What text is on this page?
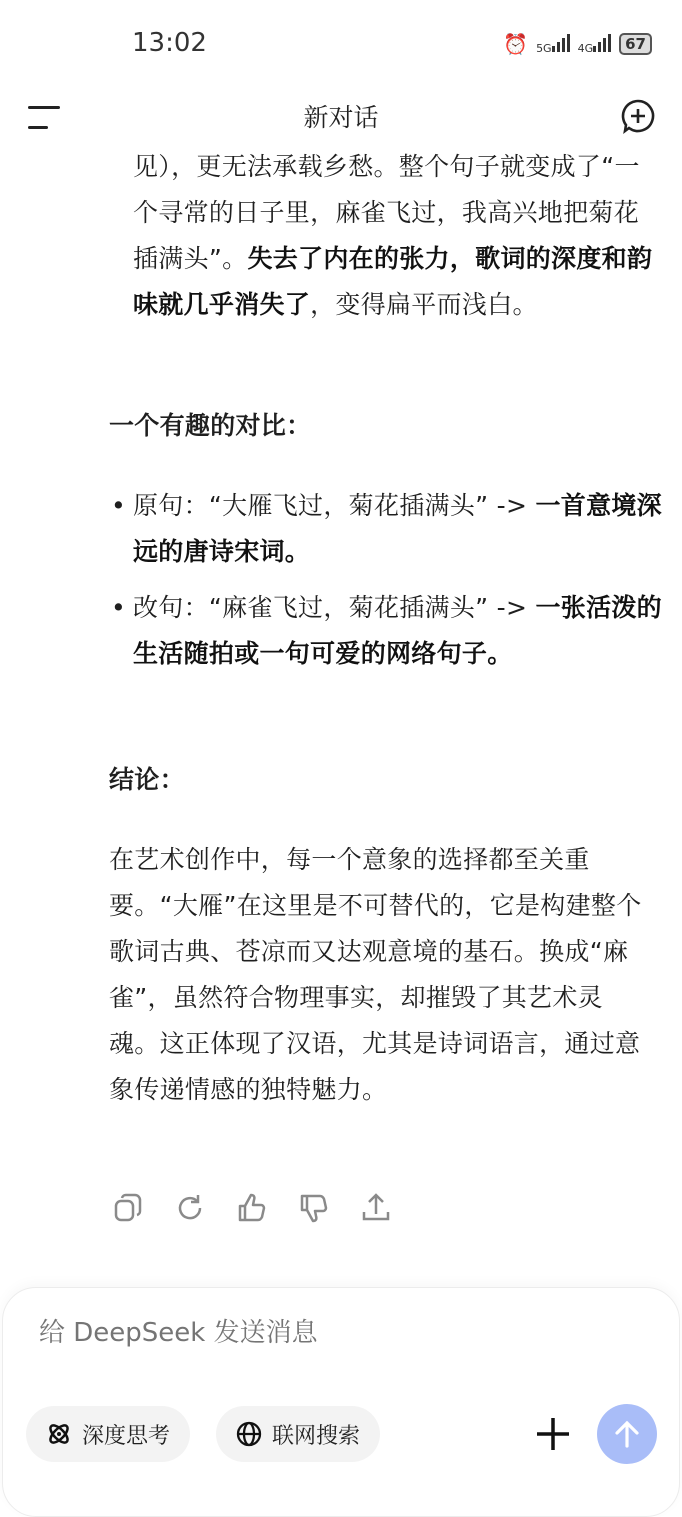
13:02	⏰ 5G	4G	67
新对话
见），更无法承载乡愁。整个句子就变成了“一个寻常的日子里，麻雀飞过，我高兴地把菊花插满头”。失去了内在的张力，歌词的深度和韵味就几乎消失了，变得扁平而浅白。
一个有趣的对比：
• 原句：“大雁飞过，菊花插满头” -> 一首意境深远的唐诗宋词。
• 改句：“麻雀飞过，菊花插满头” -> 一张活泼的生活随拍或一句可爱的网络句子。
结论：
在艺术创作中，每一个意象的选择都至关重要。“大雁”在这里是不可替代的，它是构建整个歌词古典、苍凉而又达观意境的基石。换成“麻雀”，虽然符合物理事实，却摧毁了其艺术灵魂。这正体现了汉语，尤其是诗词语言，通过意象传递情感的独特魅力。
给 DeepSeek 发送消息
深度思考	联网搜索
